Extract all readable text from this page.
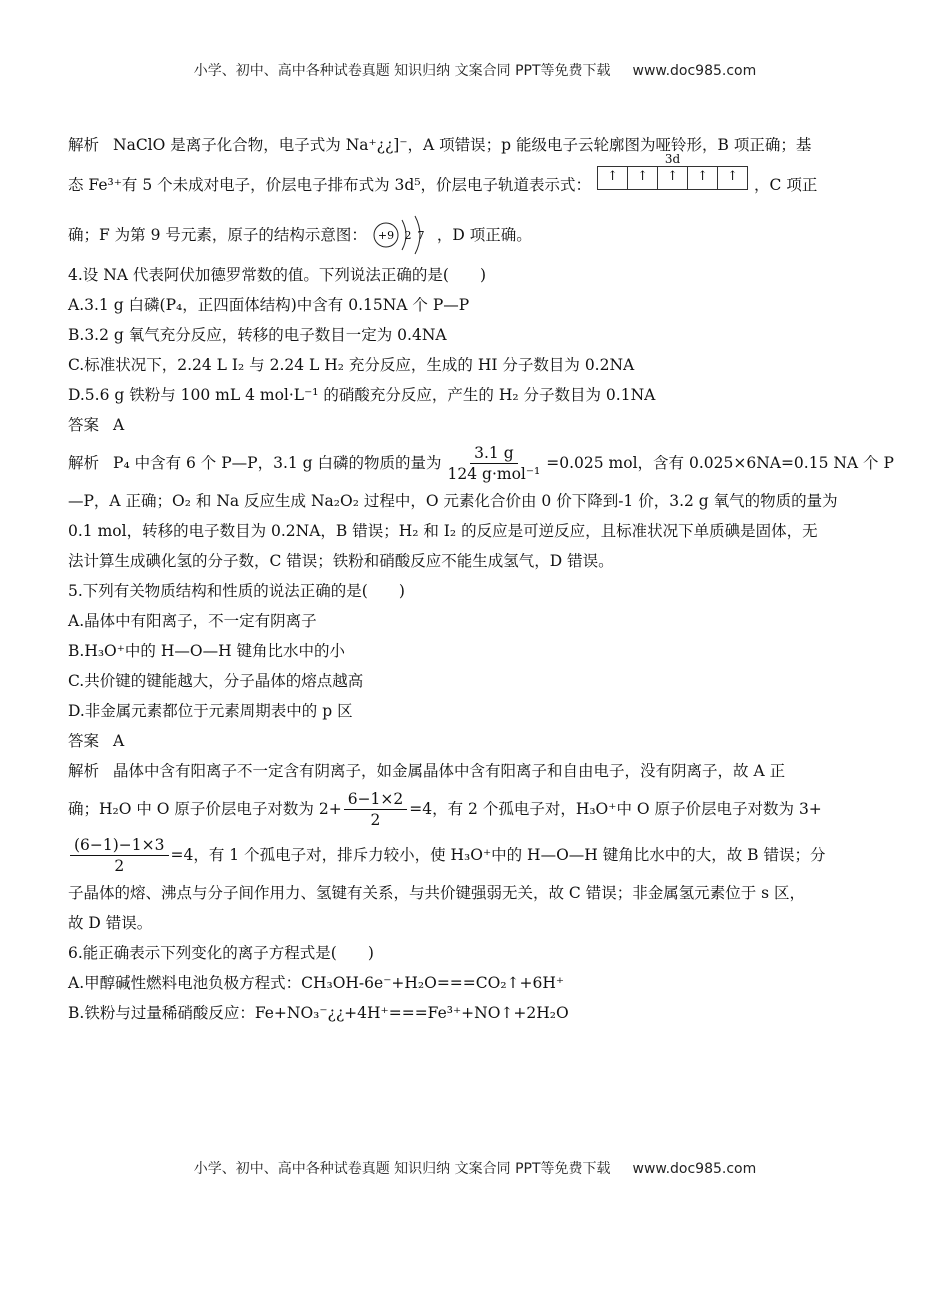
小学、初中、高中各种试卷真题 知识归纳 文案合同 PPT等免费下载 www.doc985.com
解析 NaClO 是离子化合物，电子式为 Na⁺¿¿]⁻，A 项错误；p 能级电子云轮廓图为哑铃形，B 项正确；基
态 Fe³⁺有 5 个未成对电子，价层电子排布式为 3d⁵，价层电子轨道表示式：
3d
↑	↑	↑	↑	↑	，C 项正
确；F 为第 9 号元素，原子的结构示意图： +9 2 7 ，D 项正确。
4.设 NA 代表阿伏加德罗常数的值。下列说法正确的是(　　)
A.3.1 g 白磷(P₄，正四面体结构)中含有 0.15NA 个 P—P
B.3.2 g 氧气充分反应，转移的电子数目一定为 0.4NA
C.标准状况下，2.24 L I₂ 与 2.24 L H₂ 充分反应，生成的 HI 分子数目为 0.2NA
D.5.6 g 铁粉与 100 mL 4 mol·L⁻¹ 的硝酸充分反应，产生的 H₂ 分子数目为 0.1NA
答案 A
解析 P₄ 中含有 6 个 P—P，3.1 g 白磷的物质的量为 $\frac{3.1 g}{\text{124 g·mol⁻¹}} =0.025$ mol，含有 0.025×6NA=0.15 NA 个 P
—P，A 正确；O₂ 和 Na 反应生成 Na₂O₂ 过程中，O 元素化合价由 0 价下降到-1 价，3.2 g 氧气的物质的量为
0.1 mol，转移的电子数目为 0.2NA，B 错误；H₂ 和 I₂ 的反应是可逆反应，且标准状况下单质碘是固体，无
法计算生成碘化氢的分子数，C 错误；铁粉和硝酸反应不能生成氢气，D 错误。
5.下列有关物质结构和性质的说法正确的是(　　)
A.晶体中有阳离子，不一定有阴离子
B.H₃O⁺中的 H—O—H 键角比水中的小
C.共价键的键能越大，分子晶体的熔点越高
D.非金属元素都位于元素周期表中的 p 区
答案 A
解析 晶体中含有阳离子不一定含有阴离子，如金属晶体中含有阳离子和自由电子，没有阴离子，故 A 正
确；H₂O 中 O 原子价层电子对数为 $2+ \frac{6-1\times 2}{2} =4$，有 2 个孤电子对，H₃O⁺中 O 原子价层电子对数为 3+
$\frac{(6-1)-1\times 3}{2} =4$，有 1 个孤电子对，排斥力较小，使 H₃O⁺中的 H—O—H 键角比水中的大，故 B 错误；分
子晶体的熔、沸点与分子间作用力、氢键有关系，与共价键强弱无关，故 C 错误；非金属氢元素位于 s 区，
故 D 错误。
6.能正确表示下列变化的离子方程式是(　　)
A.甲醇碱性燃料电池负极方程式：CH₃OH-6e⁻+H₂O===CO₂↑+6H⁺
B.铁粉与过量稀硝酸反应：Fe+NO₃⁻¿¿+4H⁺===Fe³⁺+NO↑+2H₂O
小学、初中、高中各种试卷真题 知识归纳 文案合同 PPT等免费下载 www.doc985.com
